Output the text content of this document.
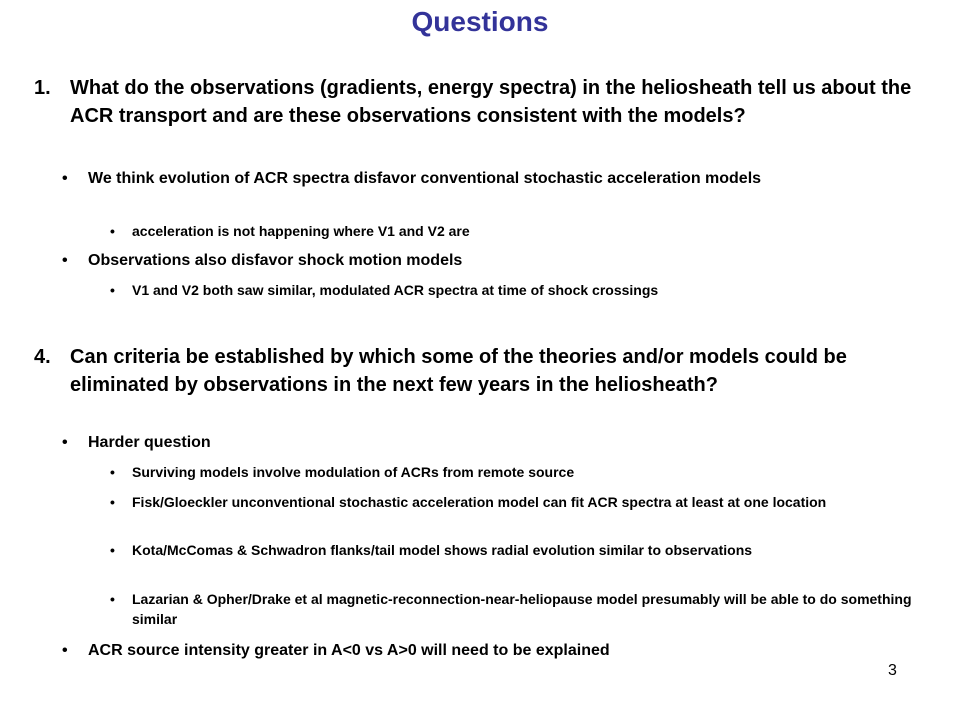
Questions
1. What do the observations (gradients, energy spectra) in the heliosheath tell us about the ACR transport and are these observations consistent with the models?
• We think evolution of ACR spectra disfavor conventional stochastic acceleration models
• acceleration is not happening where V1 and V2 are
• Observations also disfavor shock motion models
• V1 and V2 both saw similar, modulated ACR spectra at time of shock crossings
4. Can criteria be established by which some of the theories and/or models could be eliminated by observations in the next few years in the heliosheath?
• Harder question
• Surviving models involve modulation of ACRs from remote source
• Fisk/Gloeckler unconventional stochastic acceleration model can fit ACR spectra at least at one location
• Kota/McComas & Schwadron flanks/tail model shows radial evolution similar to observations
• Lazarian & Opher/Drake et al magnetic-reconnection-near-heliopause model presumably will be able to do something similar
• ACR source intensity greater in A<0 vs A>0 will need to be explained
3
